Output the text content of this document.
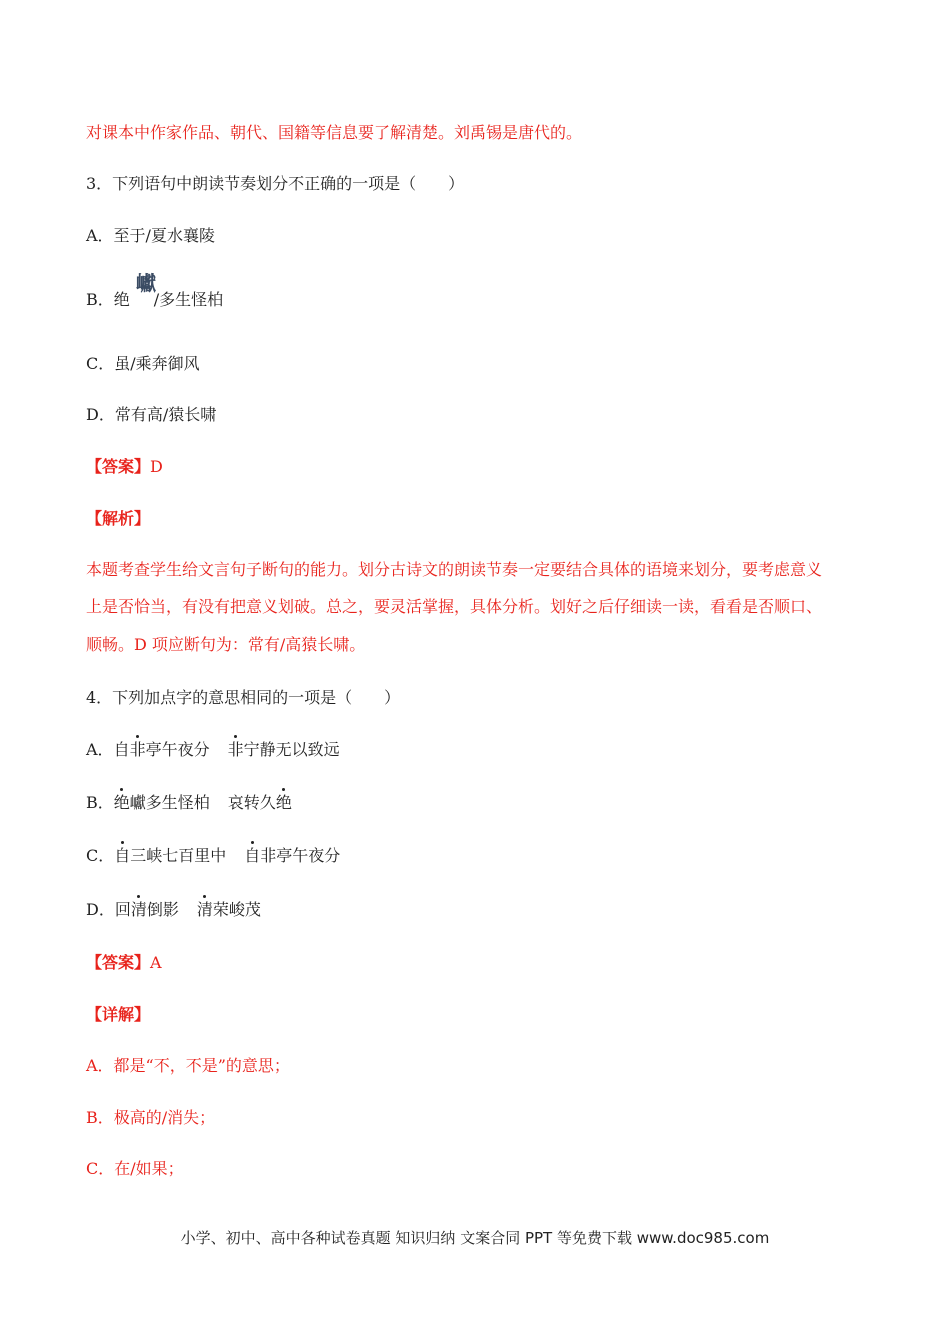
对课本中作家作品、朝代、国籍等信息要了解清楚。刘禹锡是唐代的。
3．下列语句中朗读节奏划分不正确的一项是（　　）
A．至于/夏水襄陵
B．绝 /多生怪柏
巘
C．虽/乘奔御风
D．常有高/猿长啸
【答案】D
【解析】
本题考查学生给文言句子断句的能力。划分古诗文的朗读节奏一定要结合具体的语境来划分，要考虑意义
上是否恰当，有没有把意义划破。总之，要灵活掌握，具体分析。划好之后仔细读一读，看看是否顺口、
顺畅。D 项应断句为：常有/高猿长啸。
4．下列加点字的意思相同的一项是（　　）
A．自非亭午夜分 非宁静无以致远
B．绝巘多生怪柏 哀转久绝
C．自三峡七百里中 自非亭午夜分
D．回清倒影 清荣峻茂
【答案】A
【详解】
A．都是“不，不是”的意思；
B．极高的/消失；
C．在/如果；
小学、初中、高中各种试卷真题 知识归纳 文案合同 PPT 等免费下载 www.doc985.com
